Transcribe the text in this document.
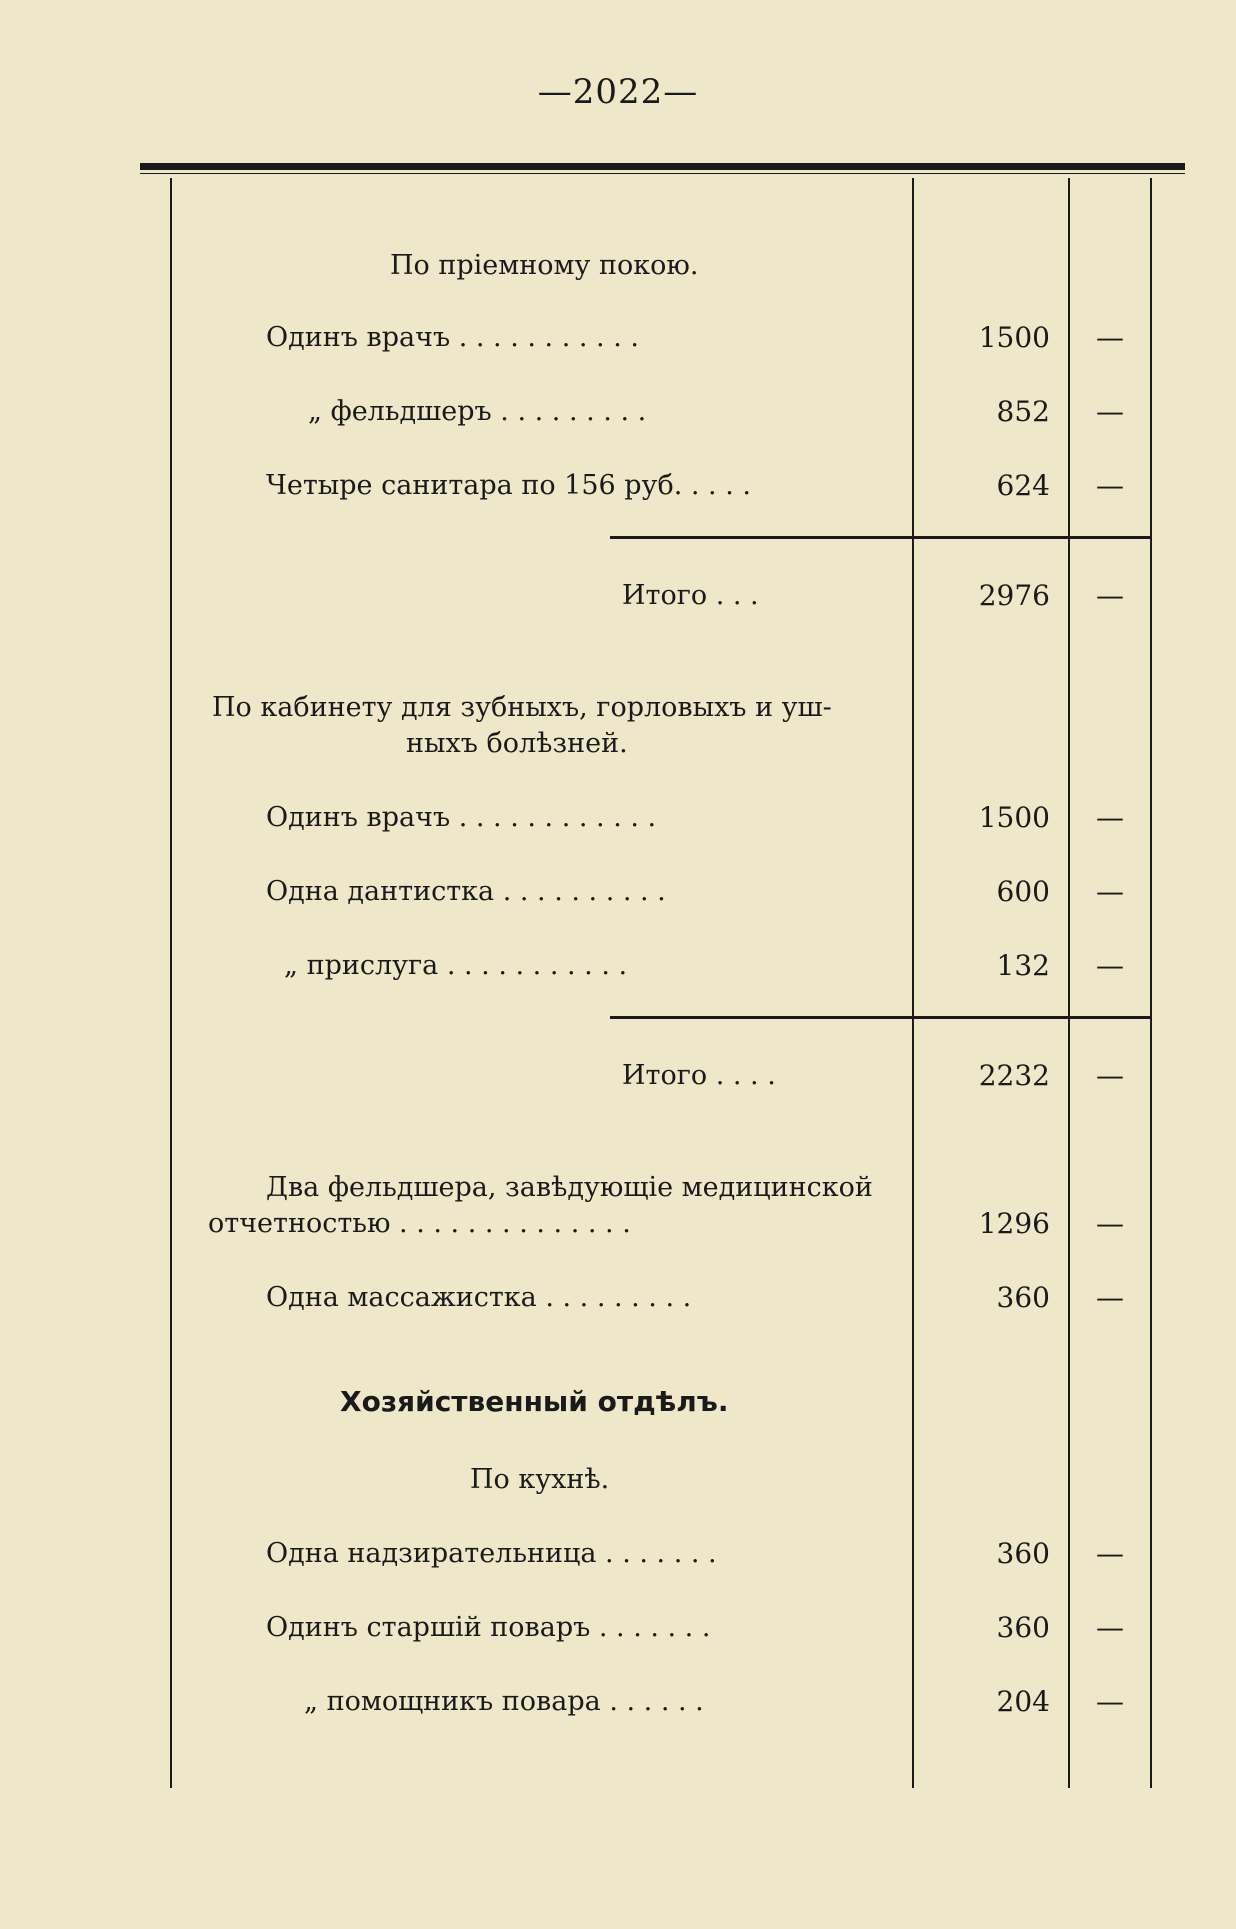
—2022—
По пріемному покою.
Одинъ врачъ . . . . . . . . . . .	1500	—
„ фельдшеръ . . . . . . . . .	852	—
Четыре санитара по 156 руб. . . . .	624	—
Итого . . .	2976	—
По кабинету для зубныхъ, горловыхъ и уш-
ныхъ болѣзней.
Одинъ врачъ . . . . . . . . . . . .	1500	—
Одна дантистка . . . . . . . . . .	600	—
„ прислуга . . . . . . . . . . .	132	—
Итого . . . .	2232	—
Два фельдшера, завѣдующіе медицинской
отчетностью . . . . . . . . . . . . . .	1296	—
Одна массажистка . . . . . . . . .	360	—
Хозяйственный отдѣлъ.
По кухнѣ.
Одна надзирательница . . . . . . .	360	—
Одинъ старшій поваръ . . . . . . .	360	—
„ помощникъ повара . . . . . .	204	—
